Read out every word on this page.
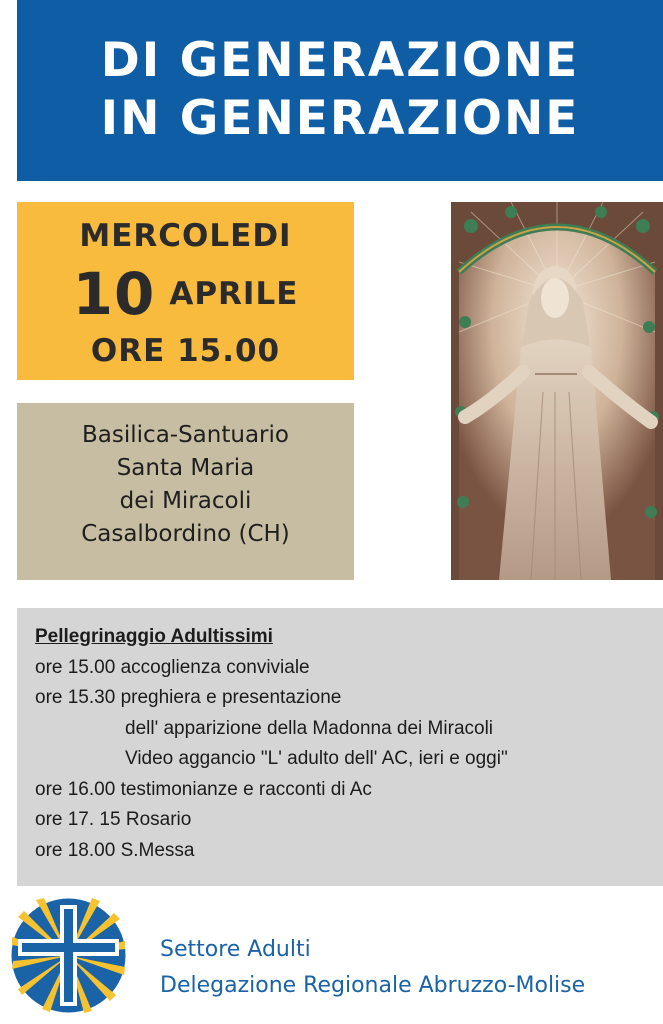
DI GENERAZIONE
IN GENERAZIONE
MERCOLEDI
10 APRILE
ORE 15.00
Basilica-Santuario
Santa Maria
dei Miracoli
Casalbordino (CH)
Pellegrinaggio Adultissimi
ore 15.00 accoglienza conviviale
ore 15.30 preghiera e presentazione
dell' apparizione della Madonna dei Miracoli
Video aggancio "L' adulto dell' AC, ieri e oggi"
ore 16.00 testimonianze e racconti di Ac
ore 17. 15 Rosario
ore 18.00 S.Messa
Settore Adulti
Delegazione Regionale Abruzzo-Molise
